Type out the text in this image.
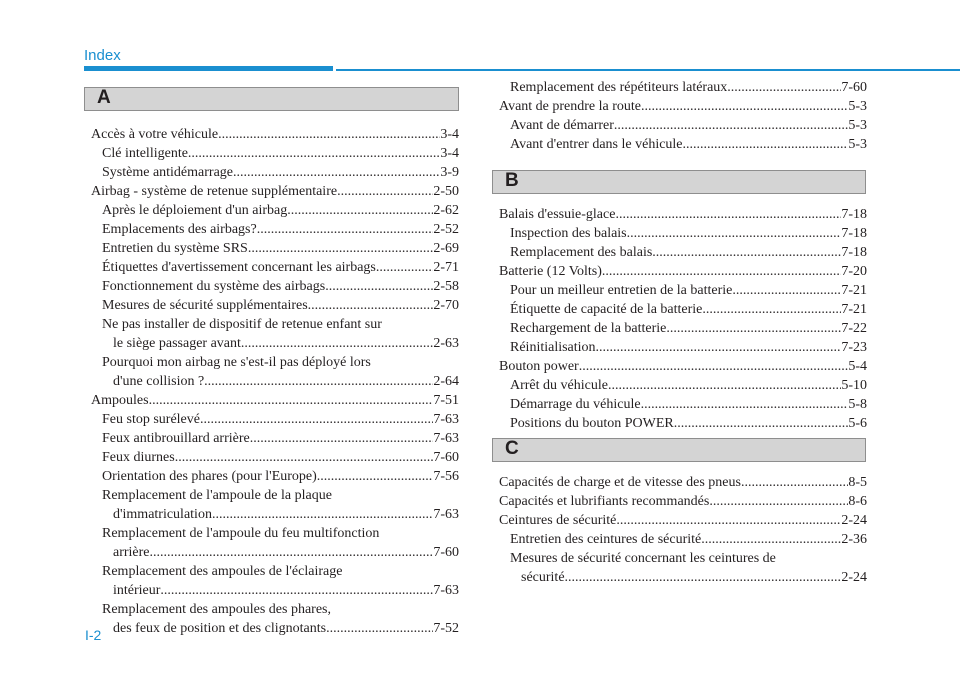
Index
A
Accès à votre véhicule .....	3-4
Clé intelligente .....	3-4
Système antidémarrage .....	3-9
Airbag - système de retenue supplémentaire .....	2-50
Après le déploiement d'un airbag .....	2-62
Emplacements des airbags? .....	2-52
Entretien du système SRS .....	2-69
Étiquettes d'avertissement concernant les airbags .....	2-71
Fonctionnement du système des airbags .....	2-58
Mesures de sécurité supplémentaires .....	2-70
Ne pas installer de dispositif de retenue enfant sur
le siège passager avant .....	2-63
Pourquoi mon airbag ne s'est-il pas déployé lors
d'une collision ? .....	2-64
Ampoules .....	7-51
Feu stop surélevé .....	7-63
Feux antibrouillard arrière .....	7-63
Feux diurnes .....	7-60
Orientation des phares (pour l'Europe) .....	7-56
Remplacement de l'ampoule de la plaque
d'immatriculation .....	7-63
Remplacement de l'ampoule du feu multifonction
arrière .....	7-60
Remplacement des ampoules de l'éclairage
intérieur .....	7-63
Remplacement des ampoules des phares,
des feux de position et des clignotants .....	7-52
Remplacement des répétiteurs latéraux .....	7-60
Avant de prendre la route .....	5-3
Avant de démarrer .....	5-3
Avant d'entrer dans le véhicule .....	5-3
B
Balais d'essuie-glace .....	7-18
Inspection des balais .....	7-18
Remplacement des balais .....	7-18
Batterie (12 Volts) .....	7-20
Pour un meilleur entretien de la batterie .....	7-21
Étiquette de capacité de la batterie .....	7-21
Rechargement de la batterie .....	7-22
Réinitialisation .....	7-23
Bouton power .....	5-4
Arrêt du véhicule .....	5-10
Démarrage du véhicule .....	5-8
Positions du bouton POWER .....	5-6
C
Capacités de charge et de vitesse des pneus .....	8-5
Capacités et lubrifiants recommandés .....	8-6
Ceintures de sécurité .....	2-24
Entretien des ceintures de sécurité .....	2-36
Mesures de sécurité concernant les ceintures de
sécurité .....	2-24
I-2
